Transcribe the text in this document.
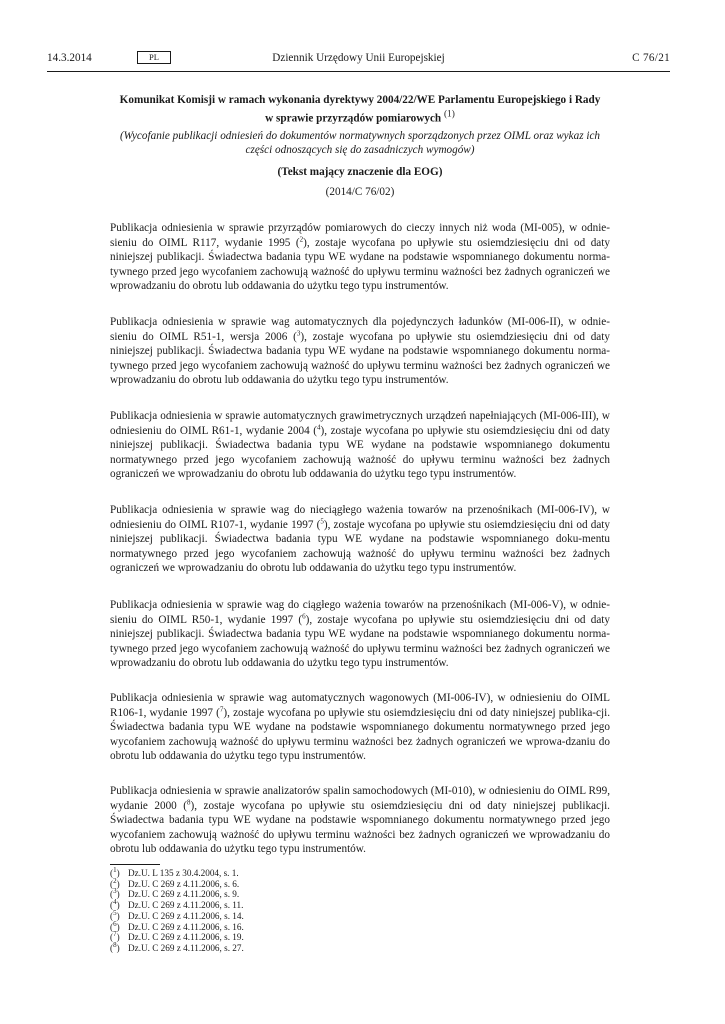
14.3.2014	PL	Dziennik Urzędowy Unii Europejskiej	C 76/21

Komunikat Komisji w ramach wykonania dyrektywy 2004/22/WE Parlamentu Europejskiego i Rady
w sprawie przyrządów pomiarowych $^{(1)}$

(Wycofanie publikacji odniesień do dokumentów normatywnych sporządzonych przez OIML oraz wykaz ich części odnoszących się do zasadniczych wymogów)

(Tekst mający znaczenie dla EOG)

(2014/C 76/02)

Publikacja odniesienia w sprawie przyrządów pomiarowych do cieczy innych niż woda (MI-005), w odnie-sieniu do OIML R117, wydanie 1995 ($^2$), zostaje wycofana po upływie stu osiemdziesięciu dni od daty niniejszej publikacji. Świadectwa badania typu WE wydane na podstawie wspomnianego dokumentu norma-tywnego przed jego wycofaniem zachowują ważność do upływu terminu ważności bez żadnych ograniczeń we wprowadzaniu do obrotu lub oddawania do użytku tego typu instrumentów.

Publikacja odniesienia w sprawie wag automatycznych dla pojedynczych ładunków (MI-006-II), w odnie-sieniu do OIML R51-1, wersja 2006 ($^3$), zostaje wycofana po upływie stu osiemdziesięciu dni od daty niniejszej publikacji. Świadectwa badania typu WE wydane na podstawie wspomnianego dokumentu norma-tywnego przed jego wycofaniem zachowują ważność do upływu terminu ważności bez żadnych ograniczeń we wprowadzaniu do obrotu lub oddawania do użytku tego typu instrumentów.

Publikacja odniesienia w sprawie automatycznych grawimetrycznych urządzeń napełniających (MI-006-III), w odniesieniu do OIML R61-1, wydanie 2004 ($^4$), zostaje wycofana po upływie stu osiemdziesięciu dni od daty niniejszej publikacji. Świadectwa badania typu WE wydane na podstawie wspomnianego dokumentu normatywnego przed jego wycofaniem zachowują ważność do upływu terminu ważności bez żadnych ograniczeń we wprowadzaniu do obrotu lub oddawania do użytku tego typu instrumentów.

Publikacja odniesienia w sprawie wag do nieciągłego ważenia towarów na przenośnikach (MI-006-IV), w odniesieniu do OIML R107-1, wydanie 1997 ($^5$), zostaje wycofana po upływie stu osiemdziesięciu dni od daty niniejszej publikacji. Świadectwa badania typu WE wydane na podstawie wspomnianego doku-mentu normatywnego przed jego wycofaniem zachowują ważność do upływu terminu ważności bez żadnych ograniczeń we wprowadzaniu do obrotu lub oddawania do użytku tego typu instrumentów.

Publikacja odniesienia w sprawie wag do ciągłego ważenia towarów na przenośnikach (MI-006-V), w odnie-sieniu do OIML R50-1, wydanie 1997 ($^6$), zostaje wycofana po upływie stu osiemdziesięciu dni od daty niniejszej publikacji. Świadectwa badania typu WE wydane na podstawie wspomnianego dokumentu norma-tywnego przed jego wycofaniem zachowują ważność do upływu terminu ważności bez żadnych ograniczeń we wprowadzaniu do obrotu lub oddawania do użytku tego typu instrumentów.

Publikacja odniesienia w sprawie wag automatycznych wagonowych (MI-006-IV), w odniesieniu do OIML R106-1, wydanie 1997 ($^7$), zostaje wycofana po upływie stu osiemdziesięciu dni od daty niniejszej publika-cji. Świadectwa badania typu WE wydane na podstawie wspomnianego dokumentu normatywnego przed jego wycofaniem zachowują ważność do upływu terminu ważności bez żadnych ograniczeń we wprowa-dzaniu do obrotu lub oddawania do użytku tego typu instrumentów.

Publikacja odniesienia w sprawie analizatorów spalin samochodowych (MI-010), w odniesieniu do OIML R99, wydanie 2000 ($^8$), zostaje wycofana po upływie stu osiemdziesięciu dni od daty niniejszej publikacji. Świadectwa badania typu WE wydane na podstawie wspomnianego dokumentu normatywnego przed jego wycofaniem zachowują ważność do upływu terminu ważności bez żadnych ograniczeń we wprowadzaniu do obrotu lub oddawania do użytku tego typu instrumentów.

($^1$) Dz.U. L 135 z 30.4.2004, s. 1.
($^2$) Dz.U. C 269 z 4.11.2006, s. 6.
($^3$) Dz.U. C 269 z 4.11.2006, s. 9.
($^4$) Dz.U. C 269 z 4.11.2006, s. 11.
($^5$) Dz.U. C 269 z 4.11.2006, s. 14.
($^6$) Dz.U. C 269 z 4.11.2006, s. 16.
($^7$) Dz.U. C 269 z 4.11.2006, s. 19.
($^8$) Dz.U. C 269 z 4.11.2006, s. 27.
